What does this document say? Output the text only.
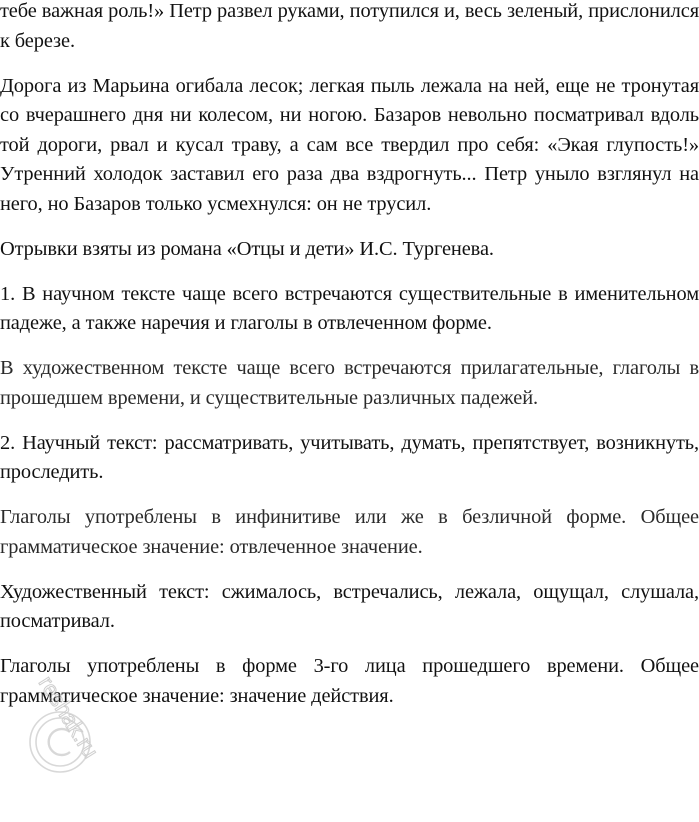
тебе важная роль!» Петр развел руками, потупился и, весь зеленый, прислонился к березе.

Дорога из Марьина огибала лесок; легкая пыль лежала на ней, еще не тронутая со вчерашнего дня ни колесом, ни ногою. Базаров невольно посматривал вдоль той дороги, рвал и кусал траву, а сам все твердил про себя: «Экая глупость!» Утренний холодок заставил его раза два вздрогнуть... Петр уныло взглянул на него, но Базаров только усмехнулся: он не трусил.

Отрывки взяты из романа «Отцы и дети» И.С. Тургенева.

1. В научном тексте чаще всего встречаются существительные в именительном падеже, а также наречия и глаголы в отвлеченном форме.

В художественном тексте чаще всего встречаются прилагательные, глаголы в прошедшем времени, и существительные различных падежей.

2. Научный текст: рассматривать, учитывать, думать, препятствует, возникнуть, проследить.

Глаголы употреблены в инфинитиве или же в безличной форме. Общее грамматическое значение: отвлеченное значение.

Художественный текст: сжималось, встречались, лежала, ощущал, слушала, посматривал.

Глаголы употреблены в форме 3-го лица прошедшего времени. Общее грамматическое значение: значение действия.

reshak.ru
